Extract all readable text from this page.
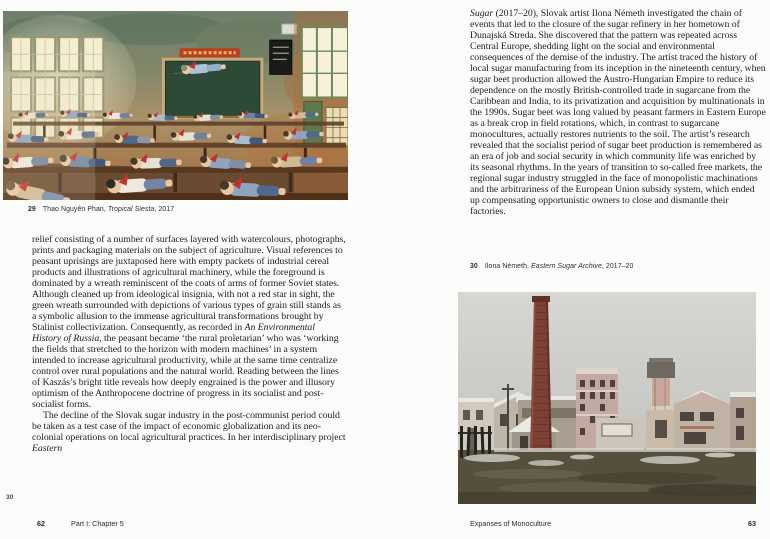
29 Thao Nguyên Phan, Tropical Siesta, 2017

relief consisting of a number of surfaces layered with watercolours, photographs, prints and packaging materials on the subject of agriculture. Visual references to peasant uprisings are juxtaposed here with empty packets of industrial cereal products and illustrations of agricultural machinery, while the foreground is dominated by a wreath reminiscent of the coats of arms of former Soviet states. Although cleaned up from ideological insignia, with not a red star in sight, the green wreath surrounded with depictions of various types of grain still stands as a symbolic allusion to the immense agricultural transformations brought by Stalinist collectivization. Consequently, as recorded in An Environmental History of Russia, the peasant became ‘the rural proletarian’ who was ‘working the fields that stretched to the horizon with modern machines’ in a system intended to increase agricultural productivity, while at the same time centralize control over rural populations and the natural world. Reading between the lines of Kaszás’s bright title reveals how deeply engrained is the power and illusory optimism of the Anthropocene doctrine of progress in its socialist and post-socialist forms.

The decline of the Slovak sugar industry in the post-communist period could be taken as a test case of the impact of economic globalization and its neo-colonial operations on local agricultural practices. In her interdisciplinary project Eastern

30
62	Part I: Chapter 5

Sugar (2017–20), Slovak artist Ilona Németh investigated the chain of events that led to the closure of the sugar refinery in her hometown of Dunajská Streda. She discovered that the pattern was repeated across Central Europe, shedding light on the social and environmental consequences of the demise of the industry. The artist traced the history of local sugar manufacturing from its inception in the nineteenth century, when sugar beet production allowed the Austro-Hungarian Empire to reduce its dependence on the mostly British-controlled trade in sugarcane from the Caribbean and India, to its privatization and acquisition by multinationals in the 1990s. Sugar beet was long valued by peasant farmers in Eastern Europe as a break crop in field rotations, which, in contrast to sugarcane monocultures, actually restores nutrients to the soil. The artist’s research revealed that the socialist period of sugar beet production is remembered as an era of job and social security in which community life was enriched by its seasonal rhythms. In the years of transition to so-called free markets, the regional sugar industry struggled in the face of monopolistic machinations and the arbitrariness of the European Union subsidy system, which ended up compensating opportunistic owners to close and dismantle their factories.

30 Ilona Németh, Eastern Sugar Archive, 2017–20
Expanses of Monoculture	63
